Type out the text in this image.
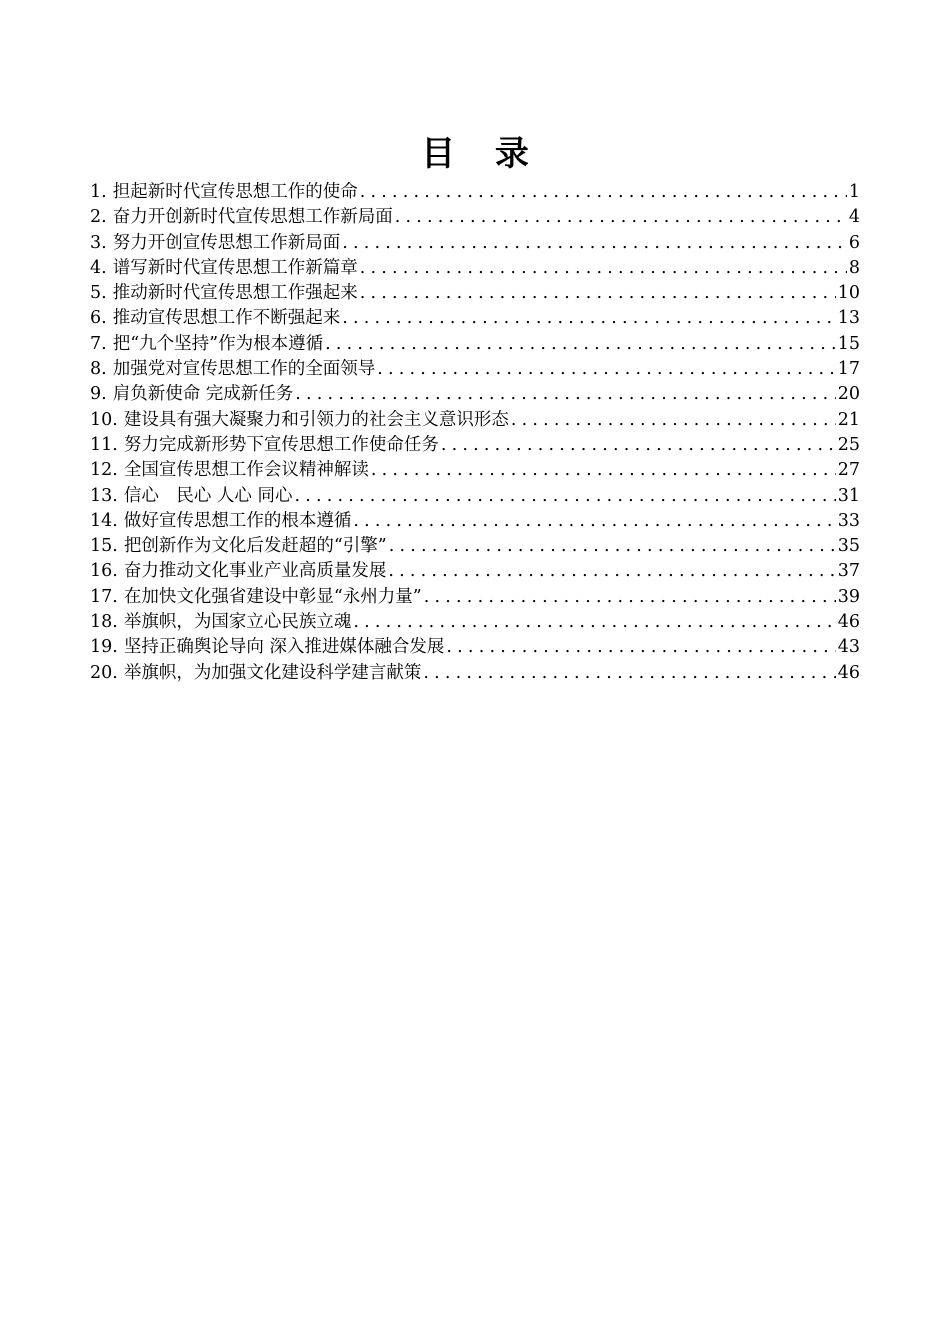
目 录
1. 担起新时代宣传思想工作的使命 .....	1
2. 奋力开创新时代宣传思想工作新局面 .....	4
3. 努力开创宣传思想工作新局面 .....	6
4. 谱写新时代宣传思想工作新篇章 .....	8
5. 推动新时代宣传思想工作强起来 .....	10
6. 推动宣传思想工作不断强起来 .....	13
7. 把“九个坚持”作为根本遵循 .....	15
8. 加强党对宣传思想工作的全面领导 .....	17
9. 肩负新使命 完成新任务 .....	20
10. 建设具有强大凝聚力和引领力的社会主义意识形态 .....	21
11. 努力完成新形势下宣传思想工作使命任务 .....	25
12. 全国宣传思想工作会议精神解读 .....	27
13. 信心　民心 人心 同心 .....	31
14. 做好宣传思想工作的根本遵循 .....	33
15. 把创新作为文化后发赶超的“引擎” .....	35
16. 奋力推动文化事业产业高质量发展 .....	37
17. 在加快文化强省建设中彰显“永州力量” .....	39
18. 举旗帜，为国家立心民族立魂 .....	46
19. 坚持正确舆论导向 深入推进媒体融合发展 .....	43
20. 举旗帜，为加强文化建设科学建言献策 .....	46
